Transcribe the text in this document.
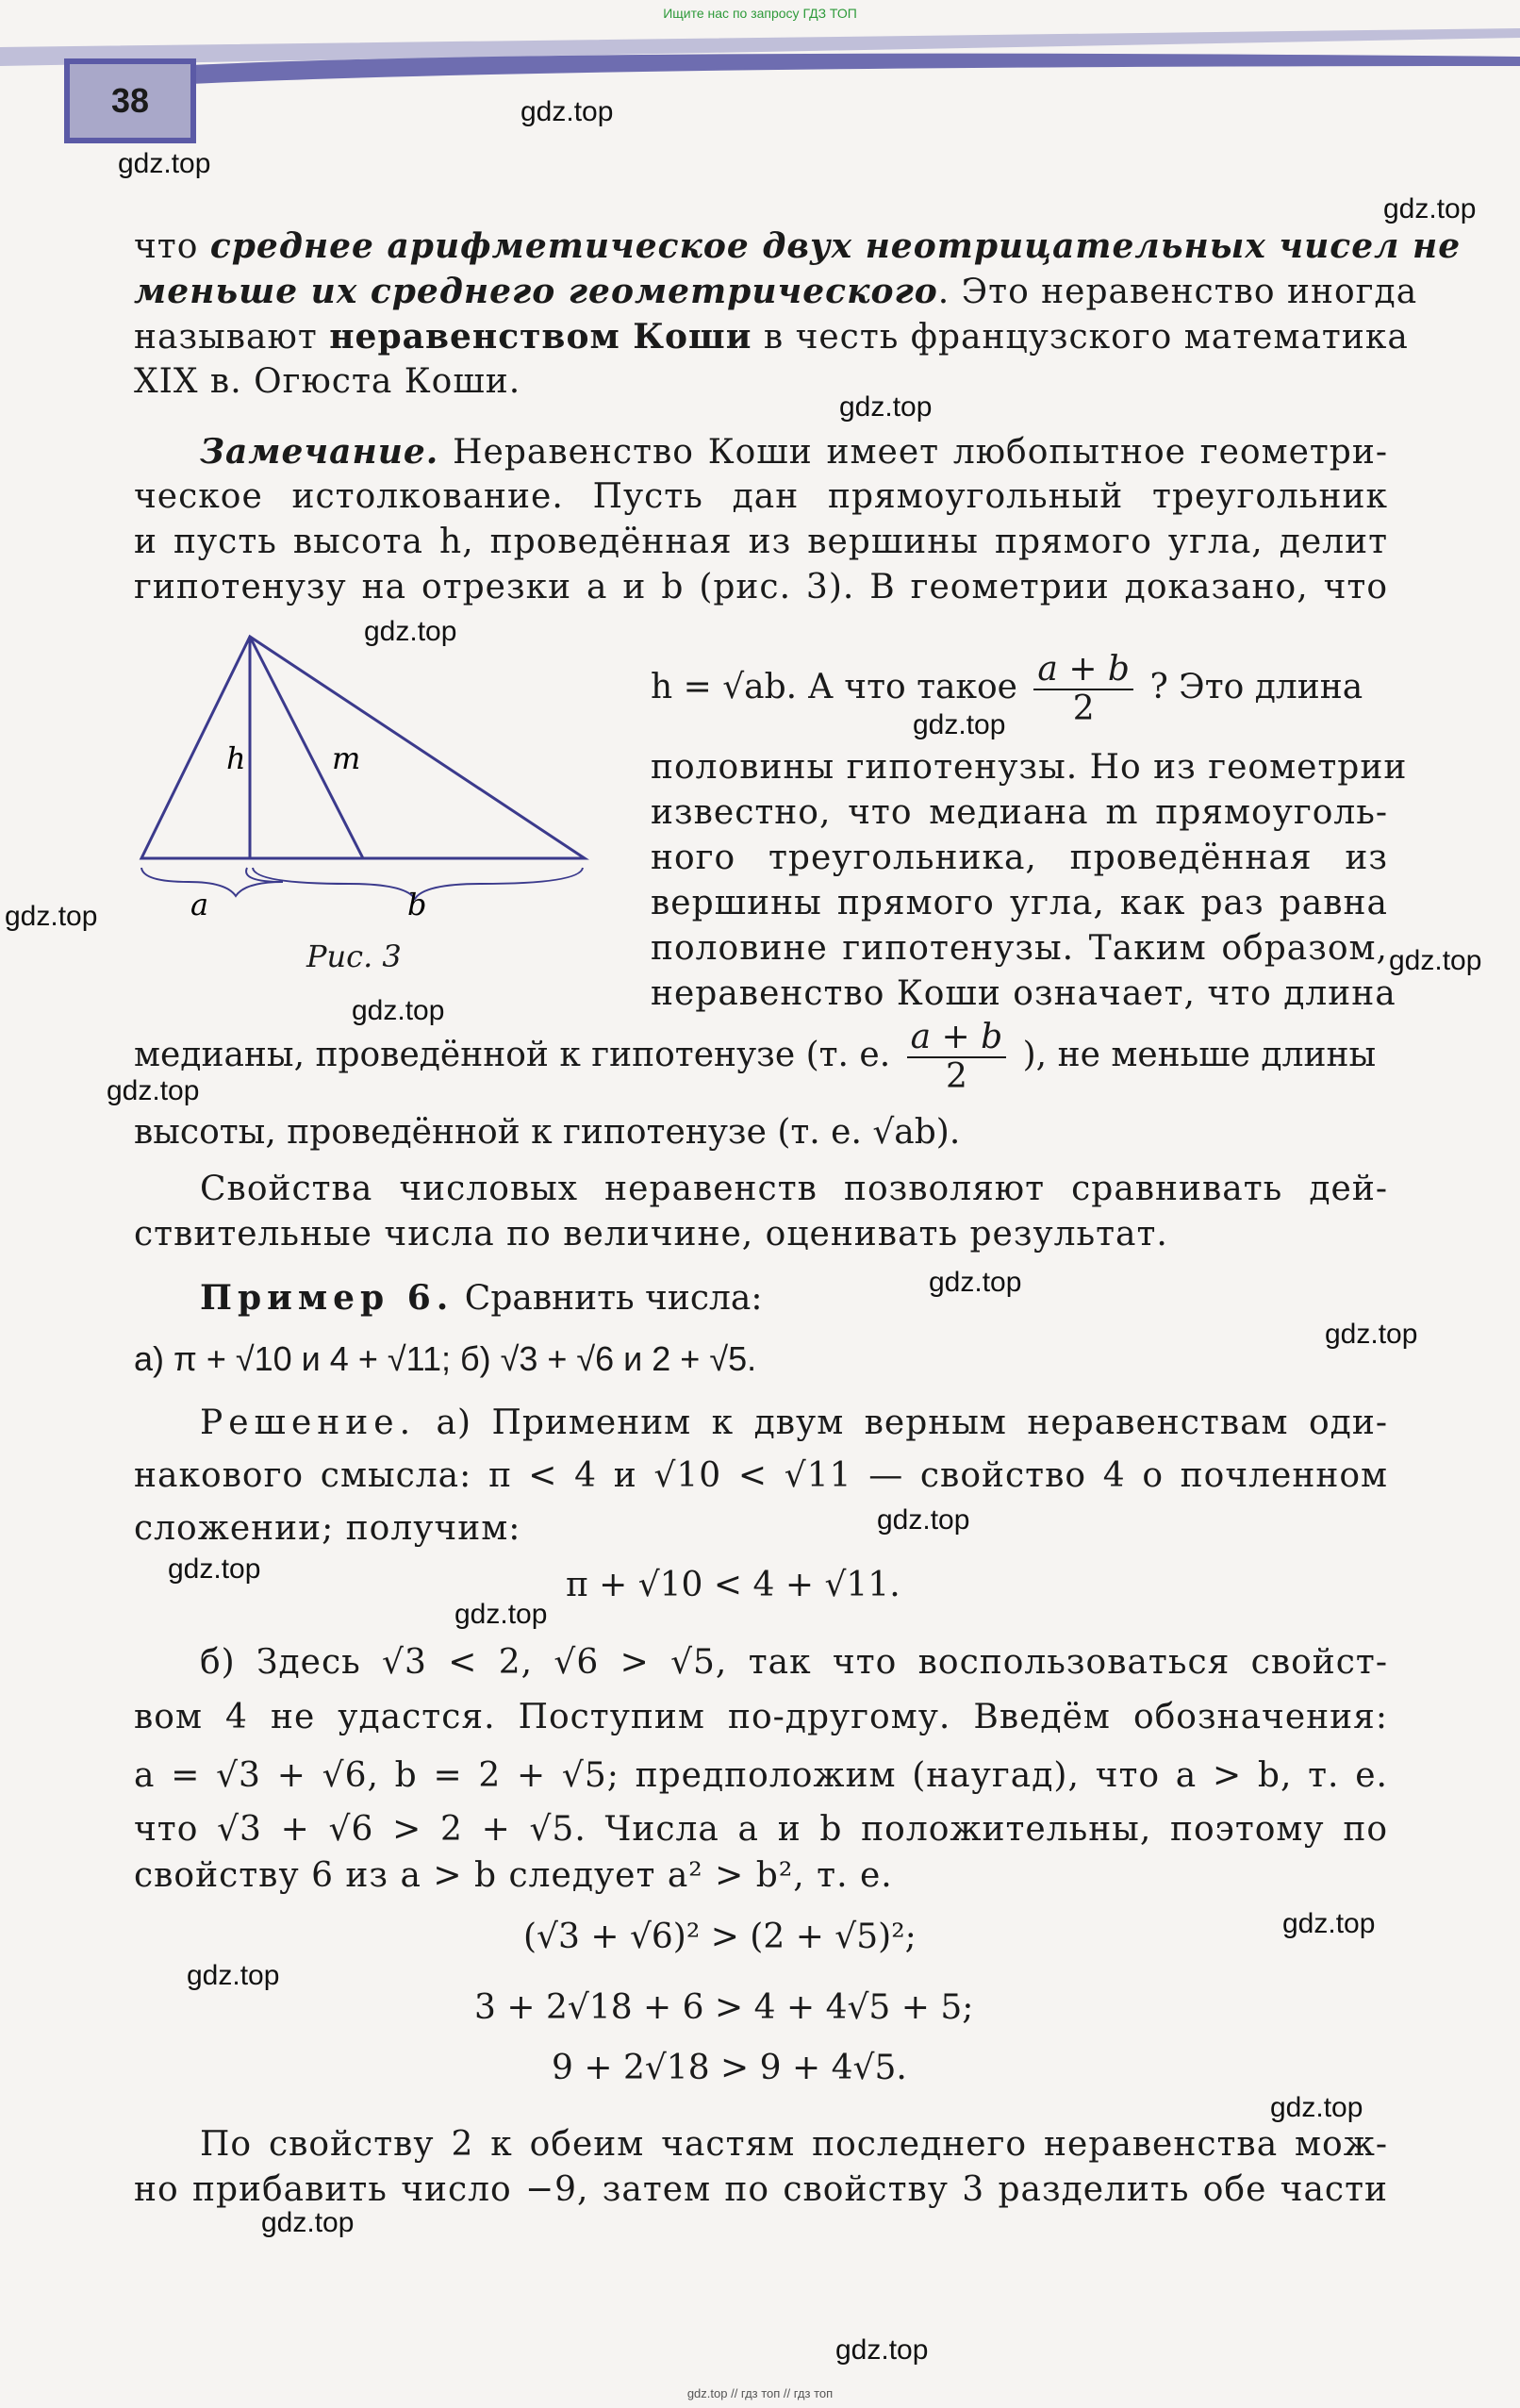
Ищите нас по запросу ГДЗ ТОП
38	gdz.top
gdz.top
gdz.top
gdz.top
gdz.top
gdz.top
gdz.top
gdz.top
gdz.top
gdz.top
gdz.top
gdz.top
gdz.top
gdz.top
gdz.top
gdz.top
gdz.top
gdz.top
gdz.top
gdz.top
что среднее арифметическое двух неотрицательных чисел не
меньше их среднего геометрического. Это неравенство иногда
называют неравенством Коши в честь французского математика
XIX в. Огюста Коши.
Замечание. Неравенство Коши имеет любопытное геометри-
ческое истолкование. Пусть дан прямоугольный треугольник
и пусть высота h, проведённая из вершины прямого угла, делит
гипотенузу на отрезки a и b (рис. 3). В геометрии доказано, что
h	m
a	b
Рис. 3
h = √ab. А что такое $\frac{a + b}{2}$ ? Это длина
половины гипотенузы. Но из геометрии
известно, что медиана m прямоуголь-
ного треугольника, проведённая из
вершины прямого угла, как раз равна
половине гипотенузы. Таким образом,
неравенство Коши означает, что длина
медианы, проведённой к гипотенузе (т. е. $\frac{a + b}{2}$ ), не меньше длины
высоты, проведённой к гипотенузе (т. е. √ab).
Свойства числовых неравенств позволяют сравнивать дей-
ствительные числа по величине, оценивать результат.
Пример 6. Сравнить числа:
а) π + √10 и 4 + √11; б) √3 + √6 и 2 + √5.
Решение. а) Применим к двум верным неравенствам оди-
накового смысла: π < 4 и √10 < √11 — свойство 4 о почленном
сложении; получим:
π + √10 < 4 + √11.
б) Здесь √3 < 2, √6 > √5, так что воспользоваться свойст-
вом 4 не удастся. Поступим по-другому. Введём обозначения:
a = √3 + √6, b = 2 + √5; предположим (наугад), что a > b, т. е.
что √3 + √6 > 2 + √5. Числа a и b положительны, поэтому по
свойству 6 из a > b следует a² > b², т. е.
(√3 + √6)² > (2 + √5)²;
3 + 2√18 + 6 > 4 + 4√5 + 5;
9 + 2√18 > 9 + 4√5.
По свойству 2 к обеим частям последнего неравенства мож-
но прибавить число −9, затем по свойству 3 разделить обе части
gdz.top // гдз топ // гдз топ
